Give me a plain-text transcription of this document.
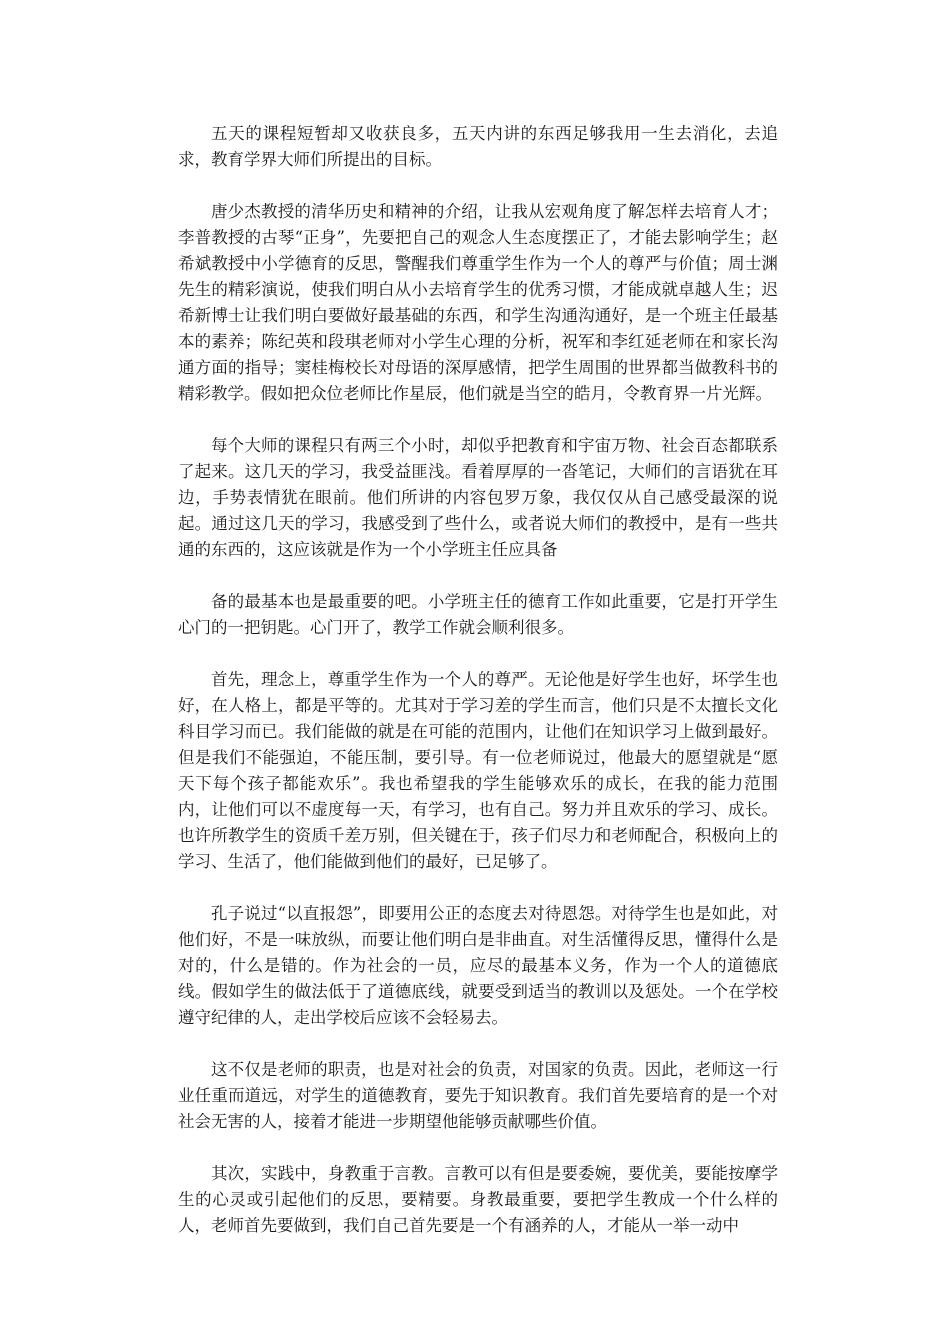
五天的课程短暂却又收获良多，五天内讲的东西足够我用一生去消化，去追求，教育学界大师们所提出的目标。

唐少杰教授的清华历史和精神的介绍，让我从宏观角度了解怎样去培育人才；李普教授的古琴“正身”，先要把自己的观念人生态度摆正了，才能去影响学生；赵希斌教授中小学德育的反思，警醒我们尊重学生作为一个人的尊严与价值；周士渊先生的精彩演说，使我们明白从小去培育学生的优秀习惯，才能成就卓越人生；迟希新博士让我们明白要做好最基础的东西，和学生沟通沟通好，是一个班主任最基本的素养；陈纪英和段琪老师对小学生心理的分析，祝军和李红延老师在和家长沟通方面的指导；窦桂梅校长对母语的深厚感情，把学生周围的世界都当做教科书的精彩教学。假如把众位老师比作星辰，他们就是当空的皓月，令教育界一片光辉。

每个大师的课程只有两三个小时，却似乎把教育和宇宙万物、社会百态都联系了起来。这几天的学习，我受益匪浅。看着厚厚的一沓笔记，大师们的言语犹在耳边，手势表情犹在眼前。他们所讲的内容包罗万象，我仅仅从自己感受最深的说起。通过这几天的学习，我感受到了些什么，或者说大师们的教授中，是有一些共通的东西的，这应该就是作为一个小学班主任应具备

备的最基本也是最重要的吧。小学班主任的德育工作如此重要，它是打开学生心门的一把钥匙。心门开了，教学工作就会顺利很多。

首先，理念上，尊重学生作为一个人的尊严。无论他是好学生也好，坏学生也好，在人格上，都是平等的。尤其对于学习差的学生而言，他们只是不太擅长文化科目学习而已。我们能做的就是在可能的范围内，让他们在知识学习上做到最好。但是我们不能强迫，不能压制，要引导。有一位老师说过，他最大的愿望就是“愿天下每个孩子都能欢乐”。我也希望我的学生能够欢乐的成长，在我的能力范围内，让他们可以不虚度每一天，有学习，也有自己。努力并且欢乐的学习、成长。也许所教学生的资质千差万别，但关键在于，孩子们尽力和老师配合，积极向上的学习、生活了，他们能做到他们的最好，已足够了。

孔子说过“以直报怨”，即要用公正的态度去对待恩怨。对待学生也是如此，对他们好，不是一味放纵，而要让他们明白是非曲直。对生活懂得反思，懂得什么是对的，什么是错的。作为社会的一员，应尽的最基本义务，作为一个人的道德底线。假如学生的做法低于了道德底线，就要受到适当的教训以及惩处。一个在学校遵守纪律的人，走出学校后应该不会轻易去。

这不仅是老师的职责，也是对社会的负责，对国家的负责。因此，老师这一行业任重而道远，对学生的道德教育，要先于知识教育。我们首先要培育的是一个对社会无害的人，接着才能进一步期望他能够贡献哪些价值。

其次，实践中，身教重于言教。言教可以有但是要委婉，要优美，要能按摩学生的心灵或引起他们的反思，要精要。身教最重要，要把学生教成一个什么样的人，老师首先要做到，我们自己首先要是一个有涵养的人，才能从一举一动中
